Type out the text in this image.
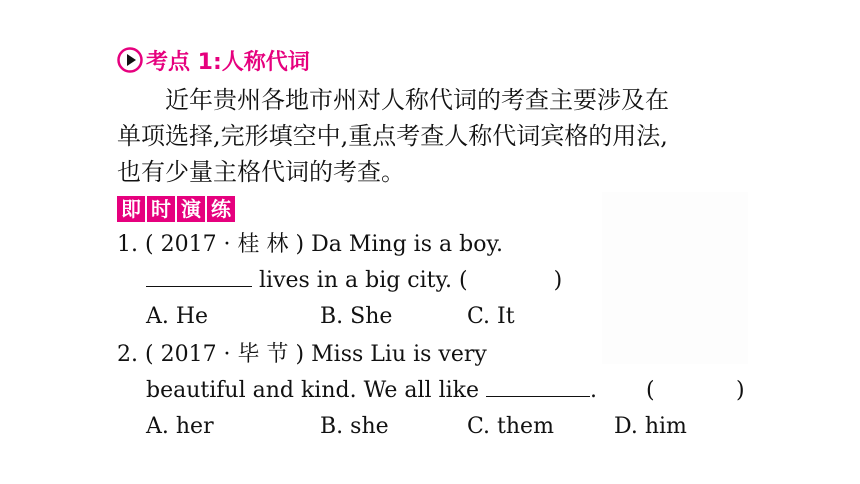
考点 1:人称代词
近年贵州各地市州对人称代词的考查主要涉及在
单项选择,完形填空中,重点考查人称代词宾格的用法,
也有少量主格代词的考查。
即 时 演 练
1. ( 2017 · 桂 林 ) Da Ming is a boy.
lives in a big city. (	)
A. He	B. She	C. It
2. ( 2017 · 毕 节 ) Miss Liu is very
beautiful and kind. We all like	. (	)
A. her	B. she	C. them	D. him
